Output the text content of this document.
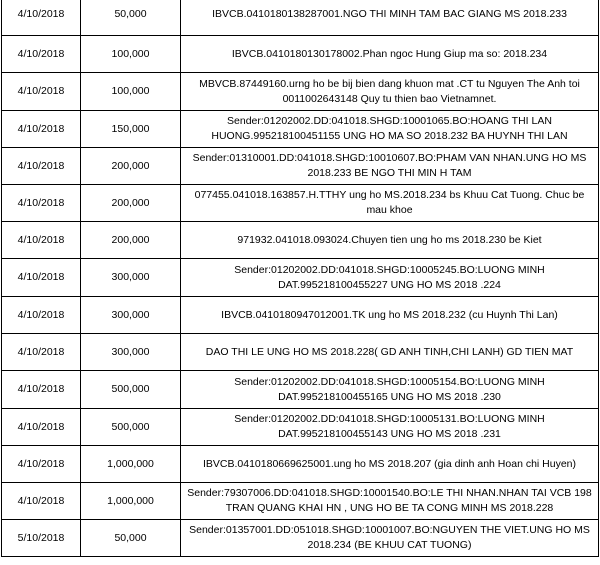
4/10/2018	50,000	IBVCB.0410180138287001.NGO THI MINH TAM BAC GIANG MS 2018.233
4/10/2018	100,000	IBVCB.0410180130178002.Phan ngoc Hung Giup ma so: 2018.234
4/10/2018	100,000	MBVCB.87449160.urng ho be bij bien dang khuon mat .CT tu Nguyen The Anh toi 0011002643148 Quy tu thien bao Vietnamnet.
4/10/2018	150,000	Sender:01202002.DD:041018.SHGD:10001065.BO:HOANG THI LAN HUONG.995218100451155 UNG HO MA SO 2018.232 BA HUYNH THI LAN
4/10/2018	200,000	Sender:01310001.DD:041018.SHGD:10010607.BO:PHAM VAN NHAN.UNG HO MS 2018.233 BE NGO THI MIN H TAM
4/10/2018	200,000	077455.041018.163857.H.TTHY ung ho MS.2018.234 bs Khuu Cat Tuong. Chuc be mau khoe
4/10/2018	200,000	971932.041018.093024.Chuyen tien ung ho ms 2018.230 be Kiet
4/10/2018	300,000	Sender:01202002.DD:041018.SHGD:10005245.BO:LUONG MINH DAT.995218100455227 UNG HO MS 2018 .224
4/10/2018	300,000	IBVCB.0410180947012001.TK ung ho MS 2018.232 (cu Huynh Thi Lan)
4/10/2018	300,000	DAO THI LE UNG HO MS 2018.228( GD ANH TINH,CHI LANH) GD TIEN MAT
4/10/2018	500,000	Sender:01202002.DD:041018.SHGD:10005154.BO:LUONG MINH DAT.995218100455165 UNG HO MS 2018 .230
4/10/2018	500,000	Sender:01202002.DD:041018.SHGD:10005131.BO:LUONG MINH DAT.995218100455143 UNG HO MS 2018 .231
4/10/2018	1,000,000	IBVCB.0410180669625001.ung ho MS 2018.207 (gia dinh anh Hoan chi Huyen)
4/10/2018	1,000,000	Sender:79307006.DD:041018.SHGD:10001540.BO:LE THI NHAN.NHAN TAI VCB 198 TRAN QUANG KHAI HN , UNG HO BE TA CONG MINH MS 2018.228
5/10/2018	50,000	Sender:01357001.DD:051018.SHGD:10001007.BO:NGUYEN THE VIET.UNG HO MS 2018.234 (BE KHUU CAT TUONG)
